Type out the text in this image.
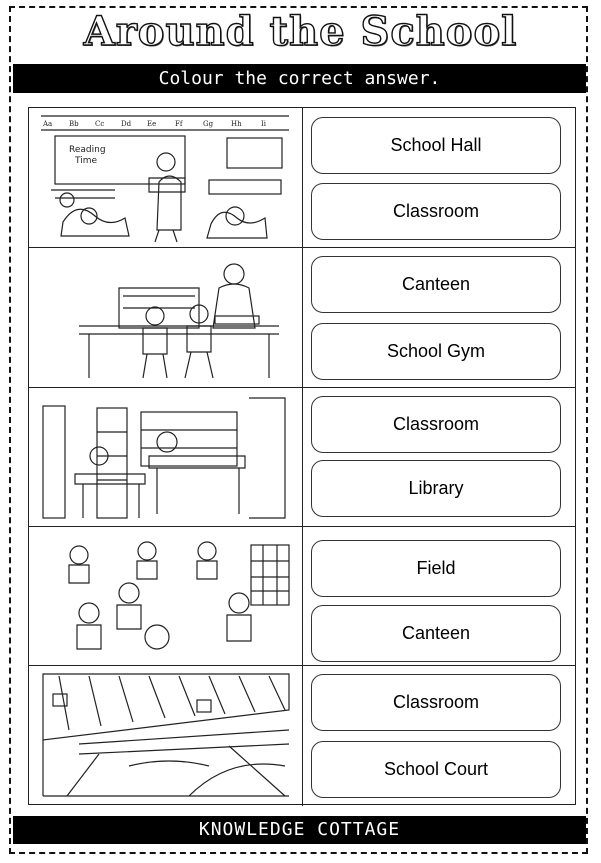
Around the School
Colour the correct answer.
Reading
Time
Aa Bb Cc Dd Ee	Ff	Gg	Hh	Ii
School Hall
Classroom
Canteen
School Gym
Classroom
Library
Field
Canteen
Classroom
School Court
KNOWLEDGE COTTAGE
